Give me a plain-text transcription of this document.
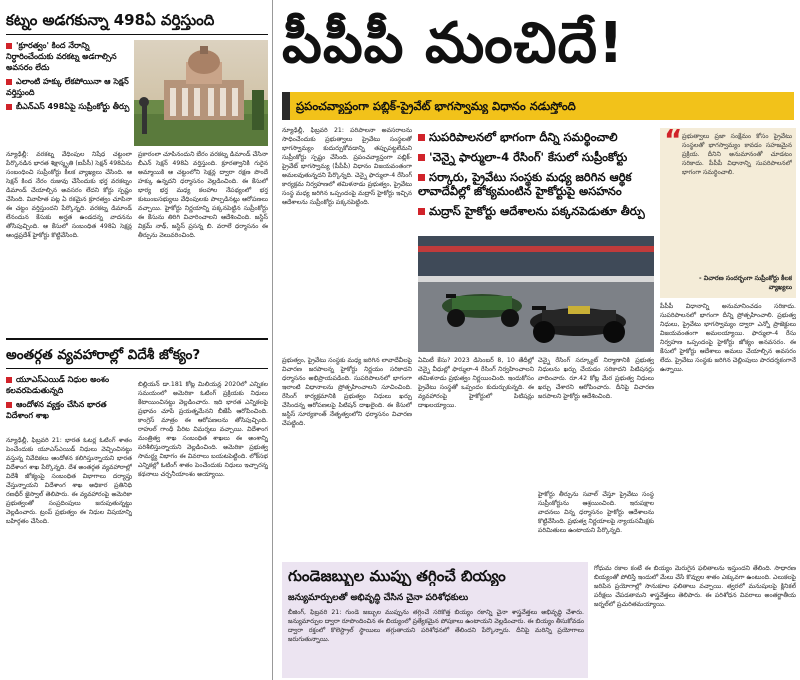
కట్నం అడగకున్నా 498ఏ వర్తిస్తుంది
'క్రూరత్వం' కింద నేరాన్ని నిర్ధారించేందుకు వరకట్న అడగాల్సిన అవసరం లేదు
ఎలాంటి హక్కు లేకపోయినా ఆ సెక్షన్ వర్తిస్తుంది
బీఎన్ఎస్ 498ఏపై సుప్రీంకోర్టు తీర్పు
న్యూఢిల్లీ: వరకట్న వేధింపుల నిషేధ చట్టంలా పేర్కొనడిన భారత శిక్షాస్మృతి (ఐపీసీ) సెక్షన్ 498ఏను సంబంధించి సుప్రీంకోర్టు కీలక వ్యాఖ్యలు చేసింది. ఆ సెక్షన్ కింద నేరం రుజువు చేసేందుకు భర్త వరకట్నం డిమాండ్ చేయాల్సిన అవసరం లేదని కోర్టు స్పష్టం చేసింది. వివాహిత పట్ల ఏ రకమైన క్రూరత్వం చూపినా ఈ చట్టం వర్తిస్తుందని పేర్కొన్నది. వరకట్న డిమాండ్ లేనందున కేసుకు అర్హత ఉండదన్న వాదనను తోసిపుచ్చింది. ఆ కేసులో సంబంధిత 498ఏ సెక్షన్ల ఆంధ్రప్రదేశ్ హైకోర్టు కొట్టివేసింది.
ప్రకారంలా చూపినందుని బేరం వరకట్న డిమాండ్ చేసినా బీఎన్ సెక్షన్ 498ఏ వర్తిస్తుంది. క్రూరత్వానికి గురైన అమ్మాయికి ఆ చట్టంలోని సెక్షన్ల ద్వారా రక్షణ పొందే హక్కు ఉన్నదని ధర్మాసనం వెల్లడించింది. ఈ కేసులో భార్య భర్త మధ్య కలహాల నేపథ్యంలో భర్త కుటుంబసభ్యులు వేధింపులకు పాల్పడినట్లు ఆరోపణలు వచ్చాయి. హైకోర్టు నిర్ణయాన్ని పక్కనపెట్టిన సుప్రీంకోర్టు ఈ కేసును తిరిగి విచారించాలని ఆదేశించింది. జస్టిస్ విక్రమ్ నాథ్, జస్టిస్ ప్రసన్న బి. వరాలే ధర్మాసనం ఈ తీర్పును వెలువరించింది.
అంతర్గత వ్యవహారాల్లో విదేశీ జోక్యం?
యూఎస్ఎయిడ్ నిధుల అంశం కలవరపెడుతున్నది
ఆందోళన వ్యక్తం చేసిన భారత విదేశాంగ శాఖ
న్యూఢిల్లీ, ఫిబ్రవరి 21: భారత ఓటర్ల ఓటింగ్ శాతం పెంచేందుకు యూఎస్ఎయిడ్ నిధులు వెచ్చించినట్టు వస్తున్న నివేదికలు ఆందోళన కలిగిస్తున్నాయని భారత విదేశాంగ శాఖ పేర్కొన్నది. దేశ అంతర్గత వ్యవహారాల్లో విదేశీ జోక్యంపై సంబంధిత విభాగాలు దర్యాప్తు చేస్తున్నాయని విదేశాంగ శాఖ అధికార ప్రతినిధి రణధీర్ జైస్వాల్ తెలిపారు. ఈ వ్యవహారంపై అమెరికా ప్రభుత్వంతో సంప్రదింపులు జరుపుతున్నట్టు వెల్లడించారు. ట్రంప్ ప్రభుత్వం ఈ నిధుల విషయాన్ని బహిర్గతం చేసింది.
బిల్లియన్ డా.181 కోట్ల మిలియన్ల 2020లో ఎన్నికల సమయంలో అమెరికా ఓటింగ్ ప్రక్రియకు నిధులు కేటాయించినట్టు వెల్లడించారు. ఇది భారత ఎన్నికలపై ప్రభావం చూపే ప్రయత్నమేనని బీజేపీ ఆరోపించింది. కాంగ్రెస్ మాత్రం ఈ ఆరోపణలను తోసిపుచ్చింది. రాహుల్ గాంధీ పేరిట విమర్శలు వచ్చాయి. విదేశాంగ మంత్రిత్వ శాఖ సంబంధిత శాఖలు ఈ అంశాన్ని పరిశీలిస్తున్నాయని వెల్లడించింది. అమెరికా ప్రభుత్వ సామర్థ్య విభాగం ఈ వివరాలు బయటపెట్టింది. లోక్‌సభ ఎన్నికల్లో ఓటింగ్ శాతం పెంచేందుకు నిధులు ఇచ్చారన్న కథనాలు చర్చనీయాంశం అయ్యాయి.
పీపీపీ మంచిదే!
ప్రపంచవ్యాప్తంగా పబ్లిక్-ప్రైవేట్ భాగస్వామ్య విధానం నడుస్తోంది
న్యూఢిల్లీ, ఫిబ్రవరి 21: పరిపాలనా అవసరాలను సాధించేందుకు ప్రభుత్వాలు ప్రైవేటు సంస్థలతో భాగస్వామ్యం కుదుర్చుకోవడాన్ని తప్పుపట్టలేమని సుప్రీంకోర్టు స్పష్టం చేసింది. ప్రపంచవ్యాప్తంగా పబ్లిక్-ప్రైవేట్ భాగస్వామ్య (పీపీపీ) విధానం విజయవంతంగా అమలవుతున్నదని పేర్కొన్నది. చెన్నై ఫార్ములా-4 రేసింగ్ కార్యక్రమ నిర్వహణలో తమిళనాడు ప్రభుత్వం, ప్రైవేటు సంస్థ మధ్య జరిగిన ఒప్పందంపై మద్రాస్ హైకోర్టు ఇచ్చిన ఆదేశాలను సుప్రీంకోర్టు పక్కనపెట్టింది.
సుపరిపాలనలో భాగంగా దీన్ని సమర్థించాలి
'చెన్నై ఫార్ములా-4 రేసింగ్' కేసులో సుప్రీంకోర్టు
సర్కారు, ప్రైవేటు సంస్థకు మధ్య జరిగిన ఆర్థిక లావాదేవీల్లో జోక్యమంటిన హైకోర్టుపై అసహనం
మద్రాస్ హైకోర్టు ఆదేశాలను పక్కనపెడుతూ తీర్పు
“ ప్రభుత్వాలు ప్రజా సంక్షేమం కోసం ప్రైవేటు సంస్థలతో భాగస్వామ్యం కావడం సహజమైన ప్రక్రియ. దీనిని అనుమానంతో చూడటం సరికాదు. పీపీపీ విధానాన్ని సుపరిపాలనలో భాగంగా సమర్థించాలి.
- విచారణ సందర్భంగా సుప్రీంకోర్టు కీలక వ్యాఖ్యలు
పీపీపీ విధానాన్ని అనుమానించడం సరికాదు. సుపరిపాలనలో భాగంగా దీన్ని ప్రోత్సహించాలి. ప్రభుత్వ నిధులు, ప్రైవేటు భాగస్వామ్యం ద్వారా ఎన్నో ప్రాజెక్టులు విజయవంతంగా అమలయ్యాయి. ఫార్ములా-4 రేసు నిర్వహణ ఒప్పందంపై హైకోర్టు జోక్యం అనవసరం. ఈ కేసులో హైకోర్టు ఆదేశాలు అమలు చేయాల్సిన అవసరం లేదు. ప్రైవేటు సంస్థకు జరిగిన చెల్లింపులు పారదర్శకంగానే ఉన్నాయి.
ప్రభుత్వం, ప్రైవేటు సంస్థకు మధ్య జరిగిన లావాదేవీలపై విచారణ జరపాలన్న హైకోర్టు నిర్ణయం సరికాదని ధర్మాసనం అభిప్రాయపడింది. సుపరిపాలనలో భాగంగా ఇలాంటి విధానాలను ప్రోత్సహించాలని సూచించింది. రేసింగ్ కార్యక్రమానికి ప్రభుత్వం నిధులు ఖర్చు చేసిందన్న ఆరోపణలపై పిటిషన్ దాఖలైంది. ఈ కేసులో జస్టిస్ సూర్యకాంత్ నేతృత్వంలోని ధర్మాసనం విచారణ చేపట్టింది.
ఏమిటీ కేసు? 2023 డిసెంబర్ 8, 10 తేదీల్లో చెన్నై వీధుల్లో ఫార్ములా-4 రేసింగ్ నిర్వహించాలని తమిళనాడు ప్రభుత్వం నిర్ణయించింది. ఇందుకోసం ప్రైవేటు సంస్థతో ఒప్పందం కుదుర్చుకున్నది. ఈ వ్యవహారంపై హైకోర్టులో పిటిషన్లు దాఖలయ్యాయి.
చెన్నై రేసింగ్ సర్క్యూట్ నిర్మాణానికి ప్రభుత్వ నిధులను ఖర్చు చేయడం సరికాదని పిటిషనర్లు వాదించారు. రూ.42 కోట్ల మేర ప్రభుత్వ నిధులు ఖర్చు చేశారని ఆరోపించారు. దీనిపై విచారణ జరపాలని హైకోర్టు ఆదేశించింది.
హైకోర్టు తీర్పును సవాల్ చేస్తూ ప్రైవేటు సంస్థ సుప్రీంకోర్టును ఆశ్రయించింది. ఇరుపక్షాల వాదనలు విన్న ధర్మాసనం హైకోర్టు ఆదేశాలను కొట్టివేసింది. ప్రభుత్వ నిర్ణయాలపై న్యాయసమీక్షకు పరిమితులు ఉంటాయని పేర్కొన్నది.
గుండెజబ్బుల ముప్పు తగ్గించే బియ్యం
జన్యుమార్పులతో అభివృద్ధి చేసిన చైనా పరిశోధకులు
బీజింగ్, ఫిబ్రవరి 21: గుండె జబ్బుల ముప్పును తగ్గించే సరికొత్త బియ్యం రకాన్ని చైనా శాస్త్రవేత్తలు అభివృద్ధి చేశారు. జన్యుమార్పుల ద్వారా రూపొందించిన ఈ బియ్యంలో ప్రత్యేకమైన పోషకాలు ఉంటాయని వెల్లడించారు. ఈ బియ్యం తీసుకోవడం ద్వారా రక్తంలో కొలెస్ట్రాల్ స్థాయిలు తగ్గుతాయని పరిశోధనలో తేలిందని పేర్కొన్నారు. దీనిపై మరిన్ని ప్రయోగాలు జరుగుతున్నాయి.
గోధుమ రకాల కంటే ఈ బియ్యం మెరుగైన ఫలితాలను ఇస్తుందని తేలింది. సాధారణ బియ్యంతో పోలిస్తే ఇందులో మేలు చేసే కొవ్వుల శాతం ఎక్కువగా ఉంటుంది. ఎలుకలపై జరిపిన ప్రయోగాల్లో సానుకూల ఫలితాలు వచ్చాయి. త్వరలో మనుషులపై క్లినికల్ పరీక్షలు చేపడతామని శాస్త్రవేత్తలు తెలిపారు. ఈ పరిశోధన వివరాలు అంతర్జాతీయ జర్నల్‌లో ప్రచురితమయ్యాయి.
